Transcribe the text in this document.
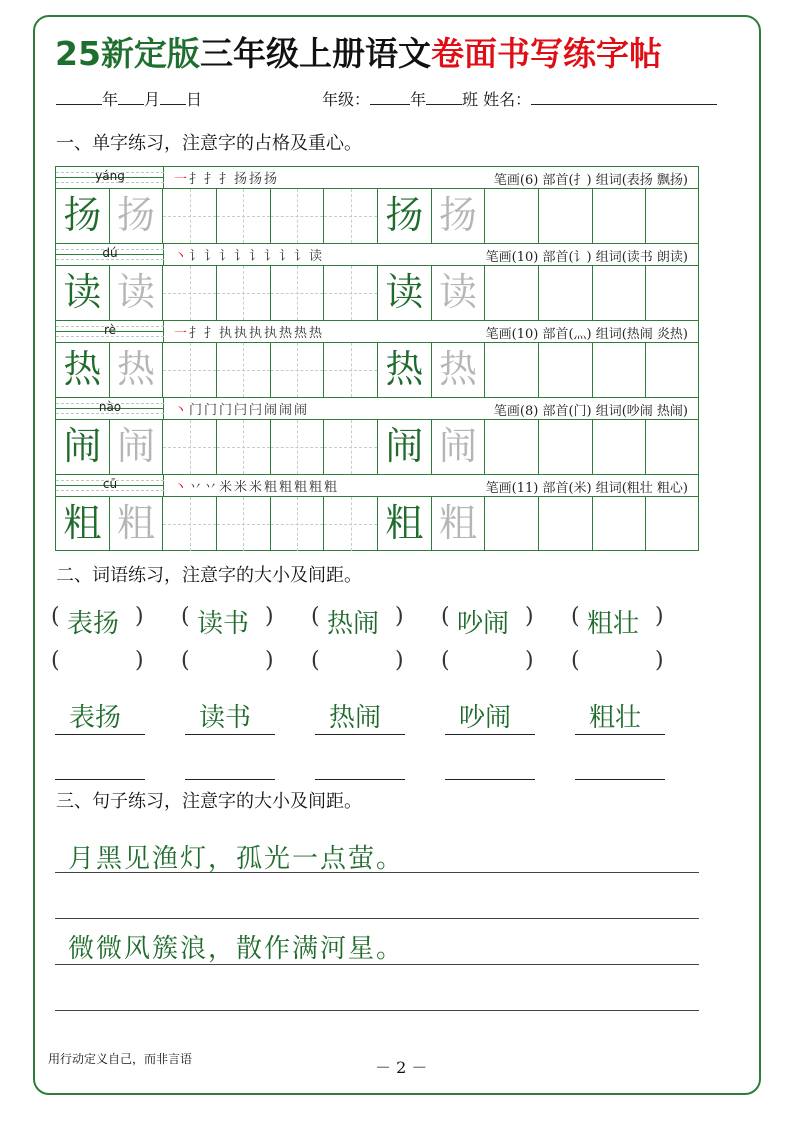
25新定版三年级上册语文卷面书写练字帖
年 月 日	年级：	年 班 姓名：
一、单字练习，注意字的占格及重心。
yáng	一扌扌扌扬扬扬	笔画(6) 部首(扌) 组词(表扬 飘扬)
扬 扬	扬 扬
dú	丶讠讠讠讠讠讠讠讠读	笔画(10) 部首(讠) 组词(读书 朗读)
读 读	读 读
rè	一扌扌执执执执热热热	笔画(10) 部首(灬) 组词(热闹 炎热)
热 热	热 热
nào	丶门门门闩闩闹闹闹	笔画(8) 部首(门) 组词(吵闹 热闹)
闹 闹	闹 闹
cū	丶丷丷米米米粗粗粗粗粗	笔画(11) 部首(米) 组词(粗壮 粗心)
粗 粗	粗 粗
二、词语练习，注意字的大小及间距。
( 表扬 )
(	)
表扬
( 读书 )
(	)
读书
( 热闹 )
(	)
热闹
( 吵闹 )
(	)
吵闹
( 粗壮 )
(	)
粗壮
三、句子练习，注意字的大小及间距。
月黑见渔灯，孤光一点萤。
微微风簇浪，散作满河星。
用行动定义自己，而非言语	－ 2 －
